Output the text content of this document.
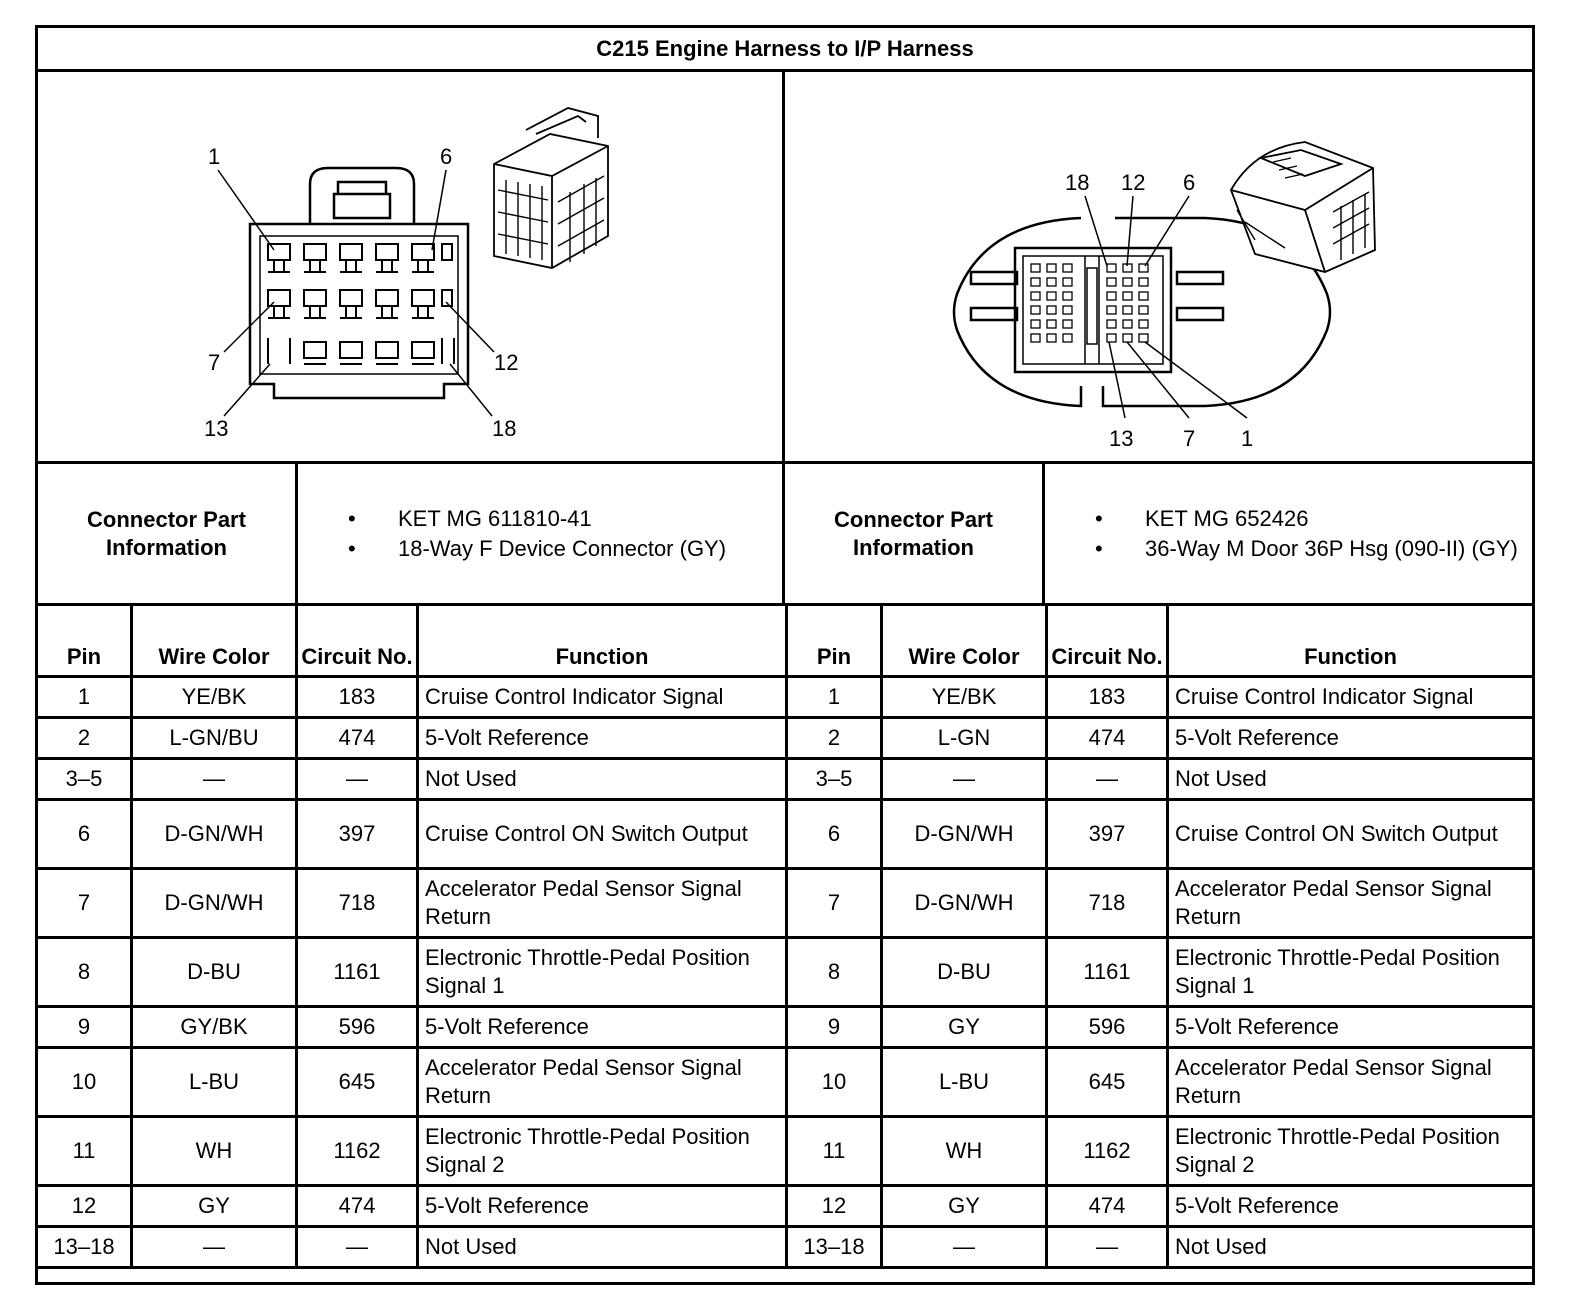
C215 Engine Harness to I/P Harness
1	6
7	12
13	18
18 12 6
13 7 1
Connector Part Information
•	KET MG 611810-41
•	18-Way F Device Connector (GY)
Connector Part Information
•	KET MG 652426
•	36-Way M Door 36P Hsg (090-II) (GY)
Pin	Wire Color	Circuit No.	Function
1	YE/BK	183	Cruise Control Indicator Signal
2	L-GN/BU	474	5-Volt Reference
3–5	—	—	Not Used
6	D-GN/WH	397	Cruise Control ON Switch Output
7	D-GN/WH	718	Accelerator Pedal Sensor Signal Return
8	D-BU	1161	Electronic Throttle-Pedal Position Signal 1
9	GY/BK	596	5-Volt Reference
10	L-BU	645	Accelerator Pedal Sensor Signal Return
11	WH	1162	Electronic Throttle-Pedal Position Signal 2
12	GY	474	5-Volt Reference
13–18	—	—	Not Used
Pin	Wire Color	Circuit No.	Function
1	YE/BK	183	Cruise Control Indicator Signal
2	L-GN	474	5-Volt Reference
3–5	—	—	Not Used
6	D-GN/WH	397	Cruise Control ON Switch Output
7	D-GN/WH	718	Accelerator Pedal Sensor Signal Return
8	D-BU	1161	Electronic Throttle-Pedal Position Signal 1
9	GY	596	5-Volt Reference
10	L-BU	645	Accelerator Pedal Sensor Signal Return
11	WH	1162	Electronic Throttle-Pedal Position Signal 2
12	GY	474	5-Volt Reference
13–18	—	—	Not Used
